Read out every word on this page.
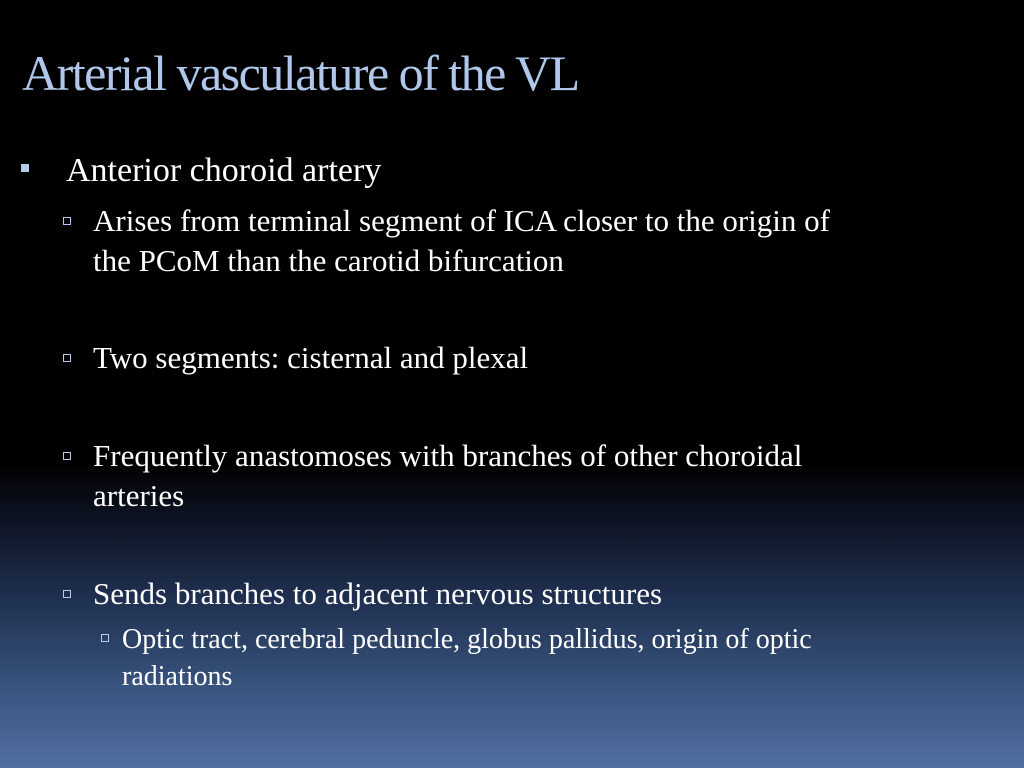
Arterial vasculature of the VL

Anterior choroid artery

Arises from terminal segment of ICA closer to the origin of
the PCoM than the carotid bifurcation

Two segments: cisternal and plexal

Frequently anastomoses with branches of other choroidal
arteries

Sends branches to adjacent nervous structures

Optic tract, cerebral peduncle, globus pallidus, origin of optic
radiations
